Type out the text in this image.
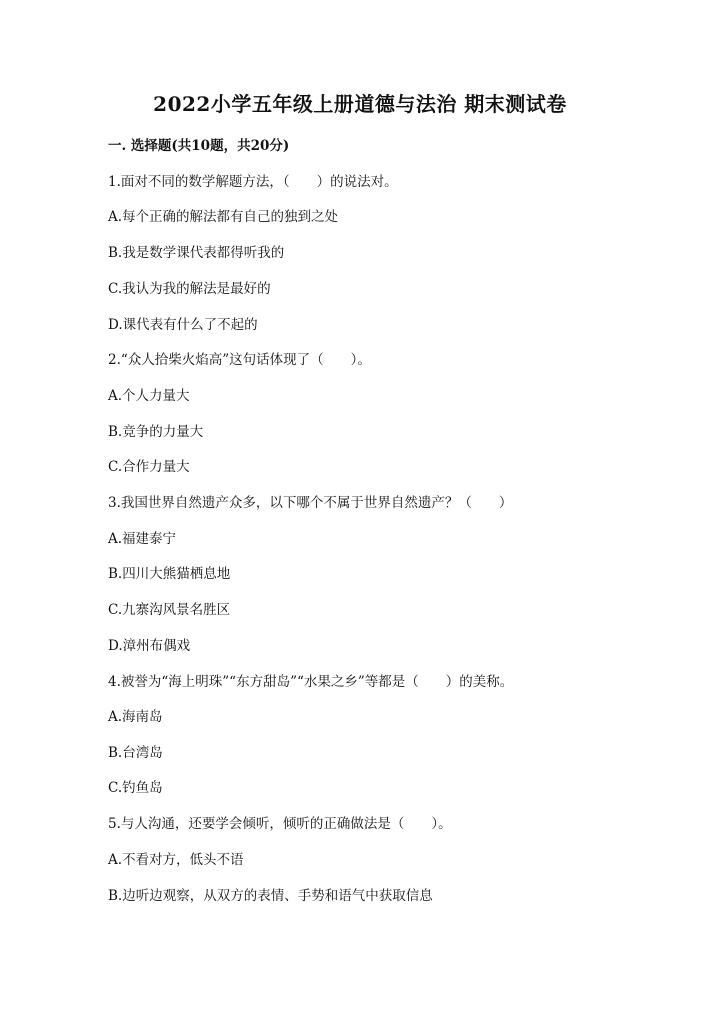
2022小学五年级上册道德与法治 期末测试卷
一. 选择题(共10题，共20分)
1.面对不同的数学解题方法，（　　）的说法对。
A.每个正确的解法都有自己的独到之处
B.我是数学课代表都得听我的
C.我认为我的解法是最好的
D.课代表有什么了不起的
2.“众人拾柴火焰高”这句话体现了（　　）。
A.个人力量大
B.竞争的力量大
C.合作力量大
3.我国世界自然遗产众多，以下哪个不属于世界自然遗产？（　　）
A.福建泰宁
B.四川大熊猫栖息地
C.九寨沟风景名胜区
D.漳州布偶戏
4.被誉为“海上明珠”“东方甜岛”“水果之乡”等都是（　　）的美称。
A.海南岛
B.台湾岛
C.钓鱼岛
5.与人沟通，还要学会倾听，倾听的正确做法是（　　）。
A.不看对方，低头不语
B.边听边观察，从双方的表情、手势和语气中获取信息
